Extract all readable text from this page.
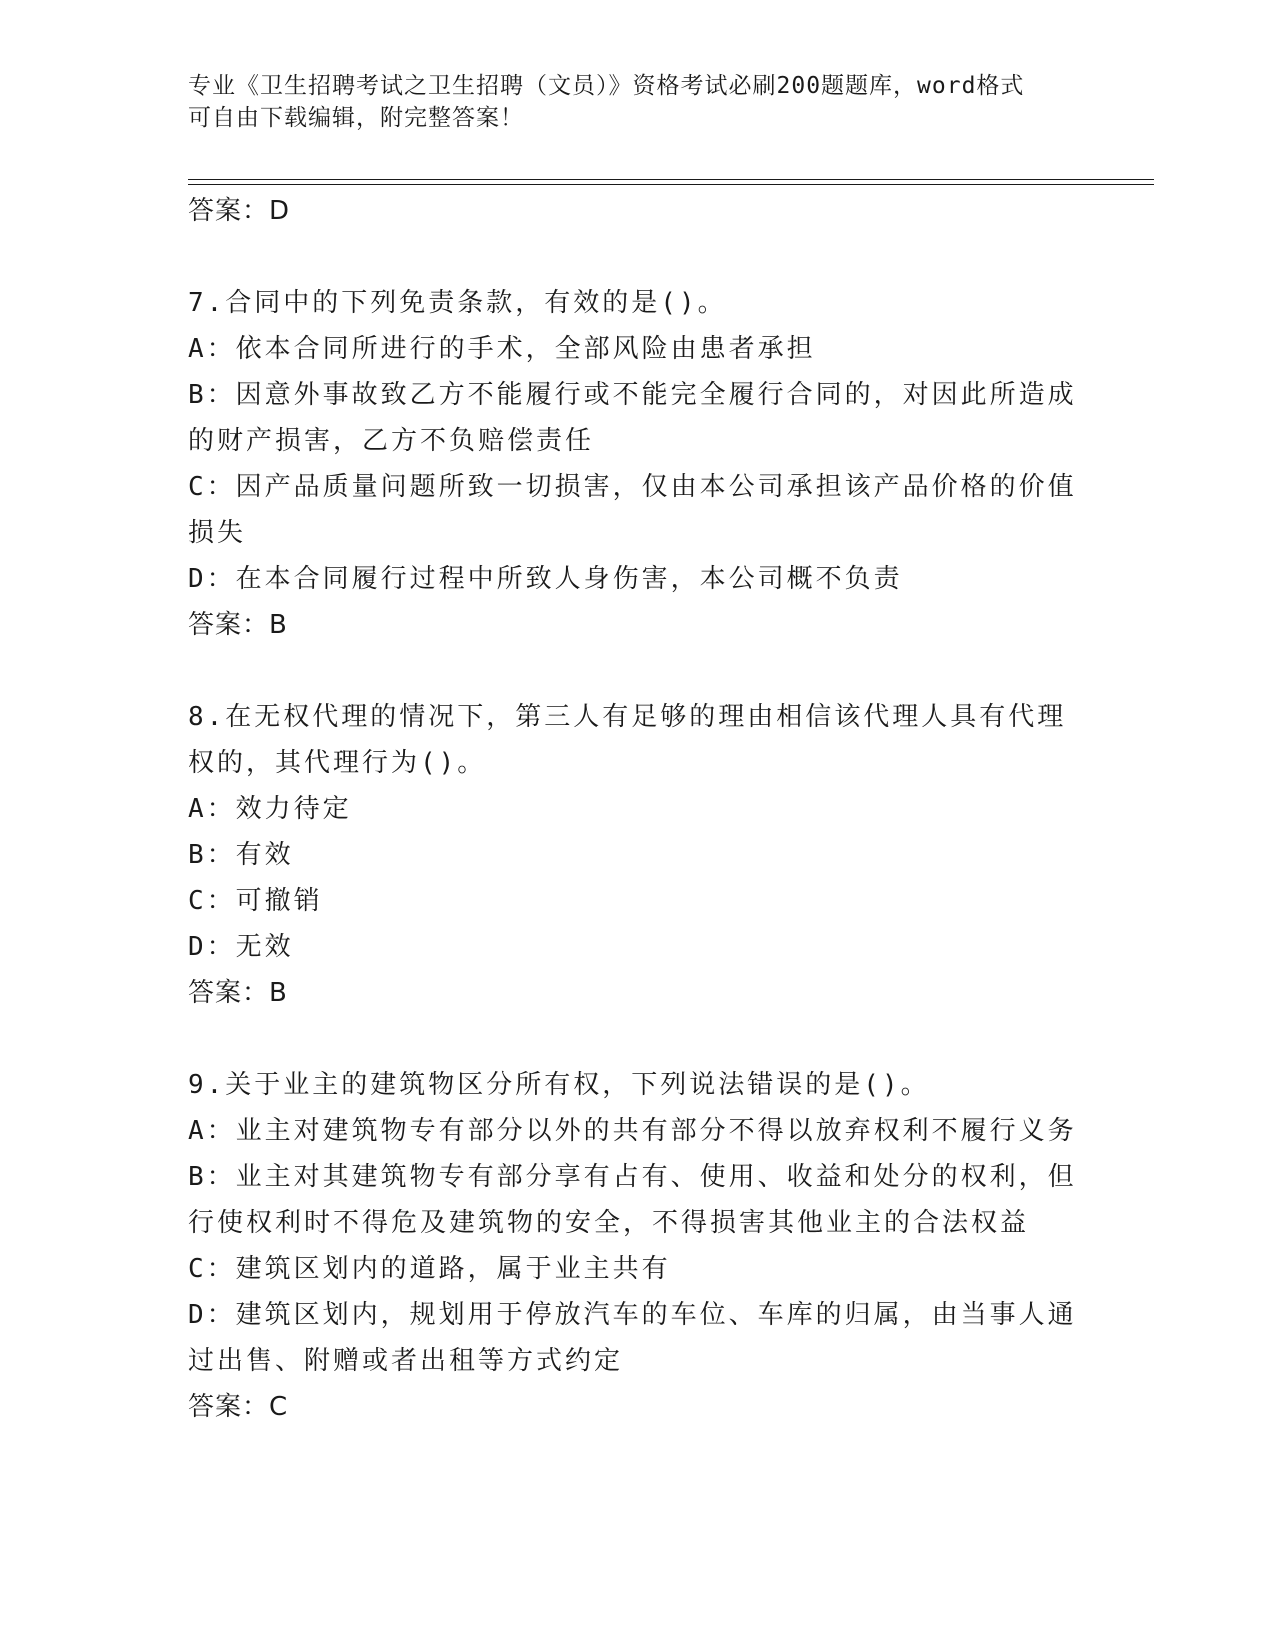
专业《卫生招聘考试之卫生招聘（文员）》资格考试必刷200题题库，word格式
可自由下载编辑，附完整答案！
答案：D
7.合同中的下列免责条款，有效的是()。
A：依本合同所进行的手术，全部风险由患者承担
B：因意外事故致乙方不能履行或不能完全履行合同的，对因此所造成
的财产损害，乙方不负赔偿责任
C：因产品质量问题所致一切损害，仅由本公司承担该产品价格的价值
损失
D：在本合同履行过程中所致人身伤害，本公司概不负责
答案：B
8.在无权代理的情况下，第三人有足够的理由相信该代理人具有代理
权的，其代理行为()。
A：效力待定
B：有效
C：可撤销
D：无效
答案：B
9.关于业主的建筑物区分所有权，下列说法错误的是()。
A：业主对建筑物专有部分以外的共有部分不得以放弃权利不履行义务
B：业主对其建筑物专有部分享有占有、使用、收益和处分的权利，但
行使权利时不得危及建筑物的安全，不得损害其他业主的合法权益
C：建筑区划内的道路，属于业主共有
D：建筑区划内，规划用于停放汽车的车位、车库的归属，由当事人通
过出售、附赠或者出租等方式约定
答案：C
